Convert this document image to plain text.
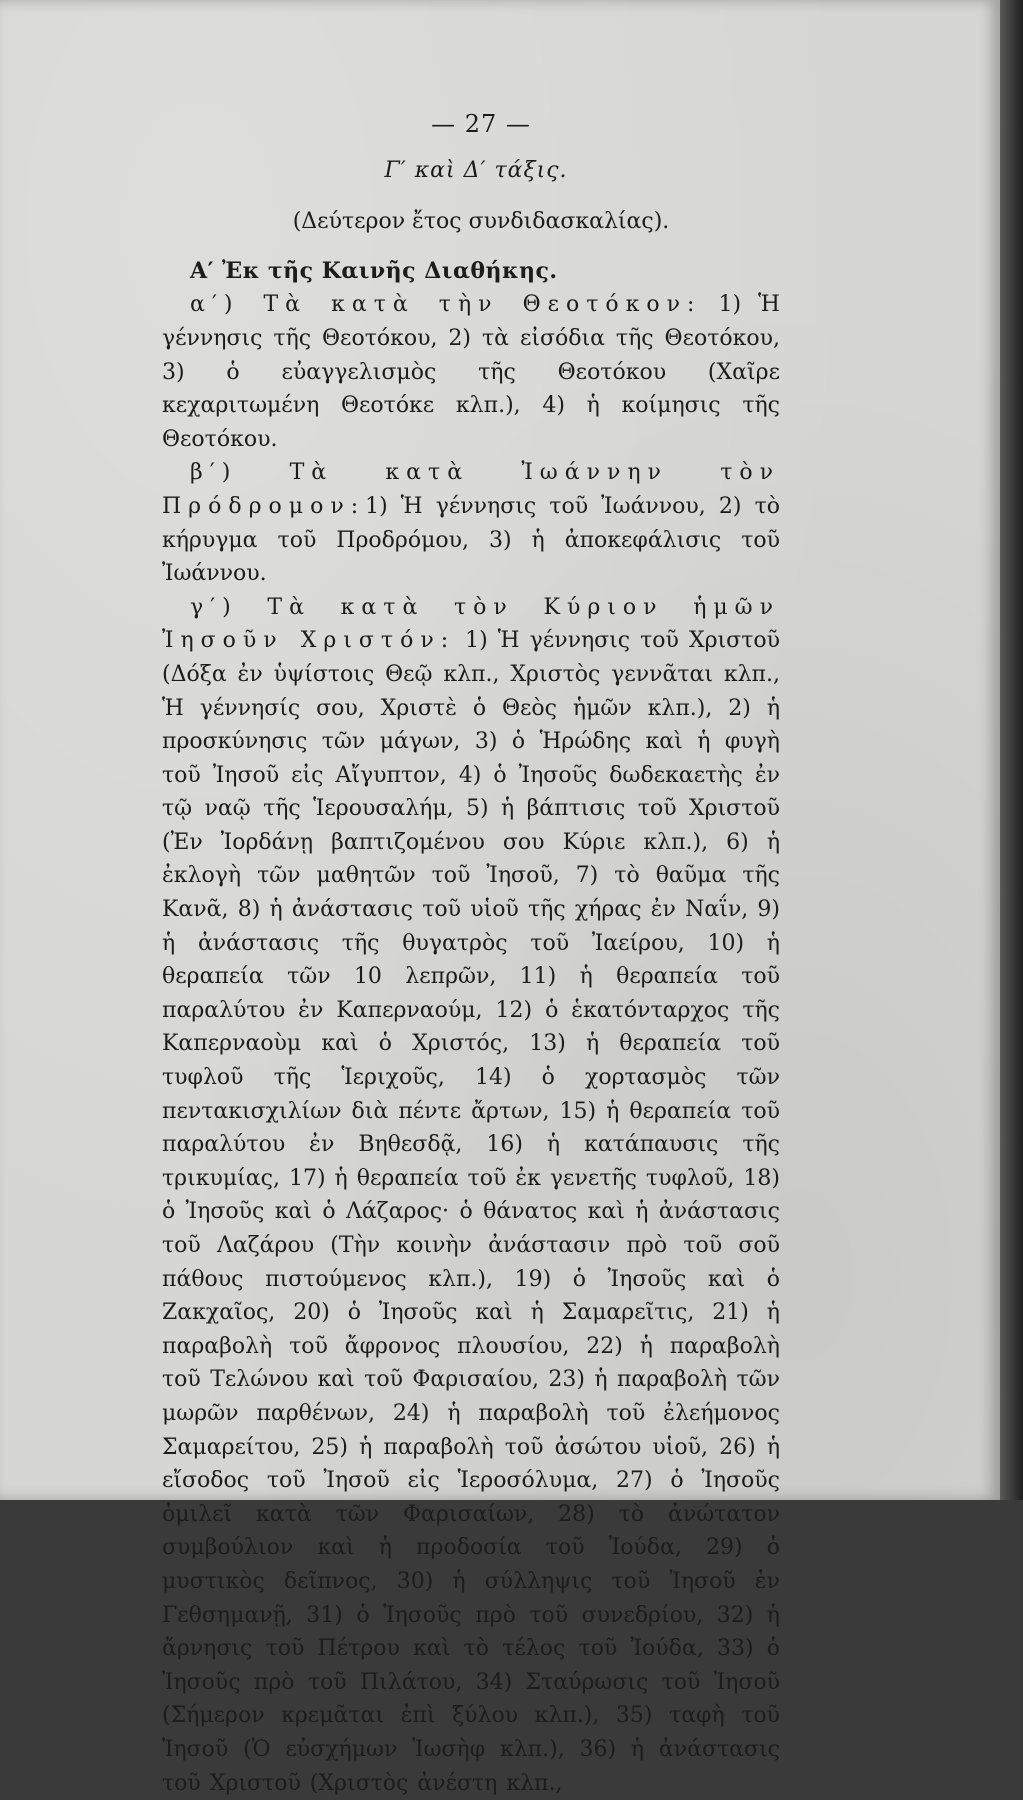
— 27 —
Γ′ καὶ Δ′ τάξις.
(Δεύτερον ἔτος συνδιδασκαλίας).
Α′ Ἐκ τῆς Καινῆς Διαθήκης.

α′) Τὰ κατὰ τὴν Θεοτόκον: 1) Ἡ γέννησις τῆς Θεοτόκου, 2) τὰ εἰσόδια τῆς Θεοτόκου, 3) ὁ εὐαγγελισμὸς τῆς Θεοτόκου (Χαῖρε κεχαριτωμένη Θεοτόκε κλπ.), 4) ἡ κοίμησις τῆς Θεοτόκου.

β′) Τὰ κατὰ Ἰωάννην τὸν Πρόδρομον:1) Ἡ γέννησις τοῦ Ἰωάννου, 2) τὸ κήρυγμα τοῦ Προδρόμου, 3) ἡ ἀποκεφάλισις τοῦ Ἰωάννου.

γ′) Τὰ κατὰ τὸν Κύριον ἡμῶν Ἰησοῦν Χριστόν: 1) Ἡ γέννησις τοῦ Χριστοῦ (Δόξα ἐν ὑψίστοις Θεῷ κλπ., Χριστὸς γεννᾶται κλπ., Ἡ γέννησίς σου, Χριστὲ ὁ Θεὸς ἡμῶν κλπ.), 2) ἡ προσκύνησις τῶν μάγων, 3) ὁ Ἡρώδης καὶ ἡ φυγὴ τοῦ Ἰησοῦ εἰς Αἴγυπτον, 4) ὁ Ἰησοῦς δωδεκαετὴς ἐν τῷ ναῷ τῆς Ἱερουσαλήμ, 5) ἡ βάπτισις τοῦ Χριστοῦ (Ἐν Ἰορδάνῃ βαπτιζομένου σου Κύριε κλπ.), 6) ἡ ἐκλογὴ τῶν μαθητῶν τοῦ Ἰησοῦ, 7) τὸ θαῦμα τῆς Κανᾶ, 8) ἡ ἀνάστασις τοῦ υἱοῦ τῆς χήρας ἐν Ναΐν, 9) ἡ ἀνάστασις τῆς θυγατρὸς τοῦ Ἰαείρου, 10) ἡ θεραπεία τῶν 10 λεπρῶν, 11) ἡ θεραπεία τοῦ παραλύτου ἐν Καπερναούμ, 12) ὁ ἑκατόνταρχος τῆς Καπερναοὺμ καὶ ὁ Χριστός, 13) ἡ θεραπεία τοῦ τυφλοῦ τῆς Ἱεριχοῦς, 14) ὁ χορτασμὸς τῶν πεντακισχιλίων διὰ πέντε ἄρτων, 15) ἡ θεραπεία τοῦ παραλύτου ἐν Βηθεσδᾷ, 16) ἡ κατάπαυσις τῆς τρικυμίας, 17) ἡ θεραπεία τοῦ ἐκ γενετῆς τυφλοῦ, 18) ὁ Ἰησοῦς καὶ ὁ Λάζαρος· ὁ θάνατος καὶ ἡ ἀνάστασις τοῦ Λαζάρου (Τὴν κοινὴν ἀνάστασιν πρὸ τοῦ σοῦ πάθους πιστούμενος κλπ.), 19) ὁ Ἰησοῦς καὶ ὁ Ζακχαῖος, 20) ὁ Ἰησοῦς καὶ ἡ Σαμαρεῖτις, 21) ἡ παραβολὴ τοῦ ἄφρονος πλουσίου, 22) ἡ παραβολὴ τοῦ Τελώνου καὶ τοῦ Φαρισαίου, 23) ἡ παραβολὴ τῶν μωρῶν παρθένων, 24) ἡ παραβολὴ τοῦ ἐλεήμονος Σαμαρείτου, 25) ἡ παραβολὴ τοῦ ἀσώτου υἱοῦ, 26) ἡ εἴσοδος τοῦ Ἰησοῦ εἰς Ἱεροσόλυμα, 27) ὁ Ἰησοῦς ὁμιλεῖ κατὰ τῶν Φαρισαίων, 28) τὸ ἀνώτατον συμβούλιον καὶ ἡ προδοσία τοῦ Ἰούδα, 29) ὁ μυστικὸς δεῖπνος, 30) ἡ σύλληψις τοῦ Ἰησοῦ ἐν Γεθσημανῇ, 31) ὁ Ἰησοῦς πρὸ τοῦ συνεδρίου, 32) ἡ ἄρνησις τοῦ Πέτρου καὶ τὸ τέλος τοῦ Ἰούδα, 33) ὁ Ἰησοῦς πρὸ τοῦ Πιλάτου, 34) Σταύρωσις τοῦ Ἰησοῦ (Σήμερον κρεμᾶται ἐπὶ ξύλου κλπ.), 35) ταφὴ τοῦ Ἰησοῦ (Ὁ εὐσχήμων Ἰωσὴφ κλπ.), 36) ἡ ἀνάστασις τοῦ Χριστοῦ (Χριστὸς ἀνέστη κλπ.,
